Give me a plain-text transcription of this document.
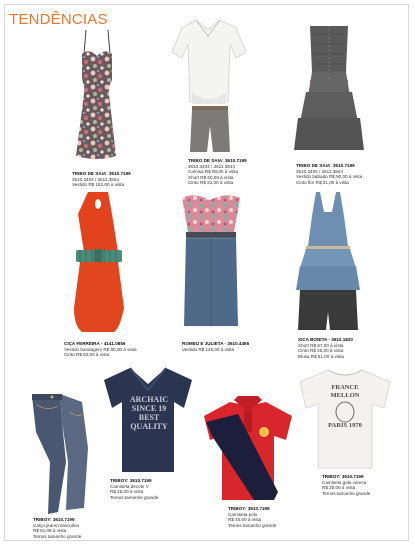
TENDÊNCIAS
TRIBO DE SAIA: 3610.7199
3610.3404 / 3611.3844
Vestido R$ 162,00 à vista
TRIBO DE SAIA: 3610.7199
3610.3404 / 3611.3844
Camisa R$ 90,00 à vista
Short R$ 60,00 à vista
Cinto R$ 31,00 à vista
TRIBO DE SAIA: 3610.7199
3610.3404 / 3611.3844
Vestido babado R$ 90,00 à vista
Cinto flor R$ 31,00 à vista
CIÇA FERREIRA - 4141.0856
Vestido bandagem R$ 80,00 à vista
Cinto R$ 62,00 à vista
ROMEU E JULIETA - 3610.4465
Vestido R$ 145,00 à vista
XICA BONITA - 3610.1820
Short R$ 67,00 à vista
Cinto R$ 45,00 à vista
Blusa R$ 61,00 à vista
TRIBOY: 3610.7199
Calça jeans masculina
R$ 81,00 à vista
Temos tamanho grande
ARCHAIC
SINCE 19
BEST
QUALITY
TRIBOY: 3610.7199
Camiseta decote V
R$ 25,00 à vista
Temos tamanho grande
TRIBOY: 3610.7199
Camiseta polo
R$ 40,00 à vista
Temos tamanho grande
FRANCE MELLON
PARIS 1970
TRIBOY: 3610.7199
Camiseta gola careca
R$ 25,00 à vista
Temos tamanho grande
